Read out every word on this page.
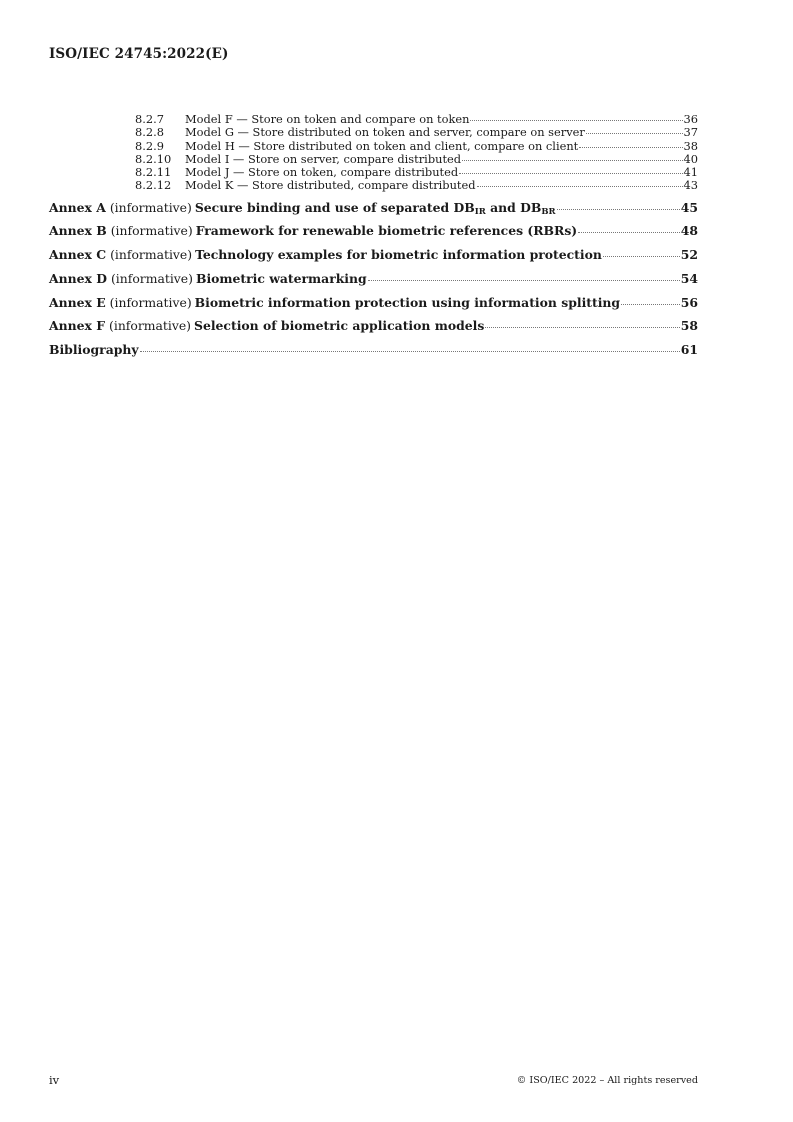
ISO/IEC 24745:2022(E)
8.2.7	Model F — Store on token and compare on token	36
8.2.8	Model G — Store distributed on token and server, compare on server	37
8.2.9	Model H — Store distributed on token and client, compare on client	38
8.2.10	Model I — Store on server, compare distributed	40
8.2.11	Model J — Store on token, compare distributed	41
8.2.12	Model K — Store distributed, compare distributed	43
Annex A (informative) Secure binding and use of separated $DB_{IR}$ and $DB_{BR}$	45
Annex B (informative) Framework for renewable biometric references (RBRs)	48
Annex C (informative) Technology examples for biometric information protection	52
Annex D (informative) Biometric watermarking	54
Annex E (informative) Biometric information protection using information splitting	56
Annex F (informative) Selection of biometric application models	58
Bibliography	61
iv	© ISO/IEC 2022 – All rights reserved
